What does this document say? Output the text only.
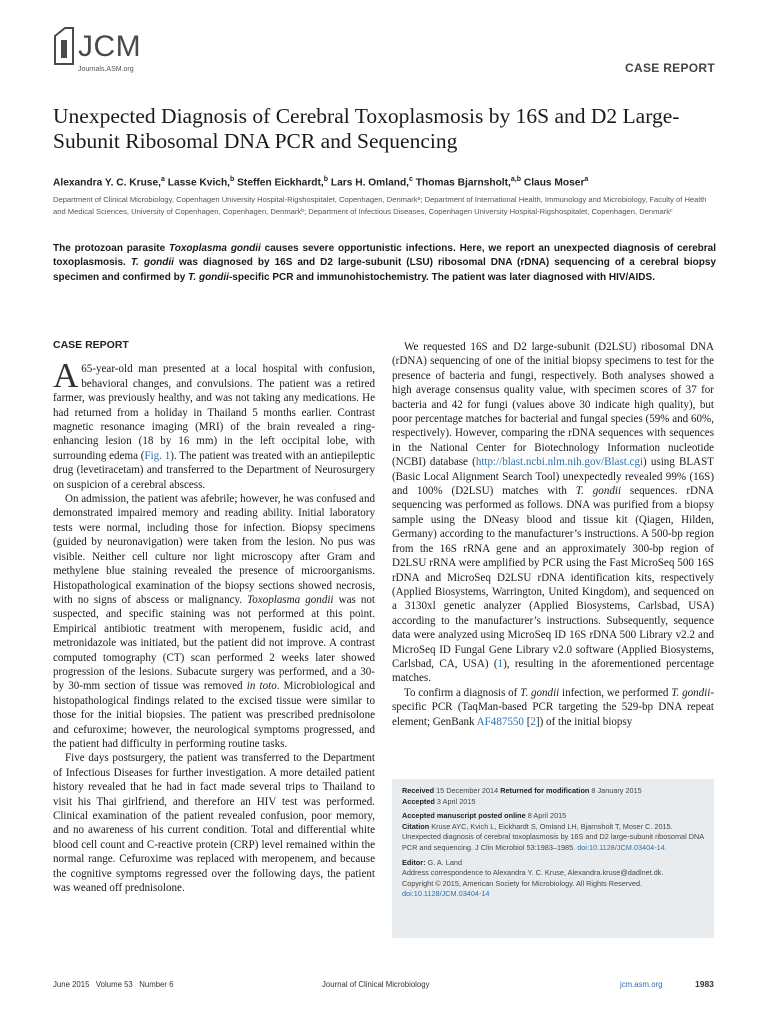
JCM
Journals.ASM.org	CASE REPORT
Unexpected Diagnosis of Cerebral Toxoplasmosis by 16S and D2 Large-Subunit Ribosomal DNA PCR and Sequencing
Alexandra Y. C. Kruse,$^a$ Lasse Kvich,$^b$ Steffen Eickhardt,$^b$ Lars H. Omland,$^c$ Thomas Bjarnsholt,$^{a,b}$ Claus Moser$^a$
Department of Clinical Microbiology, Copenhagen University Hospital-Rigshospitalet, Copenhagen, Denmarkᵃ; Department of International Health, Immunology and Microbiology, Faculty of Health and Medical Sciences, University of Copenhagen, Copenhagen, Denmarkᵇ; Department of Infectious Diseases, Copenhagen University Hospital-Rigshospitalet, Copenhagen, Denmarkᶜ
The protozoan parasite Toxoplasma gondii causes severe opportunistic infections. Here, we report an unexpected diagnosis of cerebral toxoplasmosis. T. gondii was diagnosed by 16S and D2 large-subunit (LSU) ribosomal DNA (rDNA) sequencing of a cerebral biopsy specimen and confirmed by T. gondii-specific PCR and immunohistochemistry. The patient was later diagnosed with HIV/AIDS.
CASE REPORT

A 65-year-old man presented at a local hospital with confusion, behavioral changes, and convulsions. The patient was a retired farmer, was previously healthy, and was not taking any medications. He had returned from a holiday in Thailand 5 months earlier. Contrast magnetic resonance imaging (MRI) of the brain revealed a ring-enhancing lesion (18 by 16 mm) in the left occipital lobe, with surrounding edema (Fig. 1). The patient was treated with an antiepileptic drug (levetiracetam) and transferred to the Department of Neurosurgery on suspicion of a cerebral abscess.

On admission, the patient was afebrile; however, he was confused and demonstrated impaired memory and reading ability. Initial laboratory tests were normal, including those for infection. Biopsy specimens (guided by neuronavigation) were taken from the lesion. No pus was visible. Neither cell culture nor light microscopy after Gram and methylene blue staining revealed the presence of microorganisms. Histopathological examination of the biopsy sections showed necrosis, with no signs of abscess or malignancy. Toxoplasma gondii was not suspected, and specific staining was not performed at this point. Empirical antibiotic treatment with meropenem, fusidic acid, and metronidazole was initiated, but the patient did not improve. A contrast computed tomography (CT) scan performed 2 weeks later showed progression of the lesions. Subacute surgery was performed, and a 30- by 30-mm section of tissue was removed in toto. Microbiological and histopathological findings related to the excised tissue were similar to those for the initial biopsies. The patient was prescribed prednisolone and cefuroxime; however, the neurological symptoms progressed, and the patient had difficulty in performing routine tasks.

Five days postsurgery, the patient was transferred to the Department of Infectious Diseases for further investigation. A more detailed patient history revealed that he had in fact made several trips to Thailand to visit his Thai girlfriend, and therefore an HIV test was performed. Clinical examination of the patient revealed confusion, poor memory, and no awareness of his current condition. Total and differential white blood cell count and C-reactive protein (CRP) level remained within the normal range. Cefuroxime was replaced with meropenem, and because the cognitive symptoms regressed over the following days, the patient was weaned off prednisolone.

We requested 16S and D2 large-subunit (D2LSU) ribosomal DNA (rDNA) sequencing of one of the initial biopsy specimens to test for the presence of bacteria and fungi, respectively. Both analyses showed a high average consensus quality value, with specimen scores of 37 for bacteria and 42 for fungi (values above 30 indicate high quality), but poor percentage matches for bacterial and fungal species (59% and 60%, respectively). However, comparing the rDNA sequences with sequences in the National Center for Biotechnology Information nucleotide (NCBI) database (http://blast.ncbi.nlm.nih.gov/Blast.cgi) using BLAST (Basic Local Alignment Search Tool) unexpectedly revealed 99% (16S) and 100% (D2LSU) matches with T. gondii sequences. rDNA sequencing was performed as follows. DNA was purified from a biopsy sample using the DNeasy blood and tissue kit (Qiagen, Hilden, Germany) according to the manufacturer’s instructions. A 500-bp region from the 16S rRNA gene and an approximately 300-bp region of D2LSU rRNA were amplified by PCR using the Fast MicroSeq 500 16S rDNA and MicroSeq D2LSU rDNA identification kits, respectively (Applied Biosystems, Warrington, United Kingdom), and sequenced on a 3130xl genetic analyzer (Applied Biosystems, Carlsbad, USA) according to the manufacturer’s instructions. Subsequently, sequence data were analyzed using MicroSeq ID 16S rDNA 500 Library v2.2 and MicroSeq ID Fungal Gene Library v2.0 software (Applied Biosystems, Carlsbad, CA, USA) (1), resulting in the aforementioned percentage matches.

To confirm a diagnosis of T. gondii infection, we performed T. gondii-specific PCR (TaqMan-based PCR targeting the 529-bp DNA repeat element; GenBank AF487550 [2]) of the initial biopsy

Received 15 December 2014 Returned for modification 8 January 2015
Accepted 3 April 2015
Accepted manuscript posted online 8 April 2015
Citation Kruse AYC, Kvich L, Eickhardt S, Omland LH, Bjarnsholt T, Moser C. 2015. Unexpected diagnosis of cerebral toxoplasmosis by 16S and D2 large-subunit ribosomal DNA PCR and sequencing. J Clin Microbiol 53:1983–1985. doi:10.1128/JCM.03404-14.
Editor: G. A. Land
Address correspondence to Alexandra Y. C. Kruse, Alexandra.kruse@dadlnet.dk.
Copyright © 2015, American Society for Microbiology. All Rights Reserved.
doi:10.1128/JCM.03404-14
June 2015   Volume 53   Number 6	Journal of Clinical Microbiology	jcm.asm.org	1983
